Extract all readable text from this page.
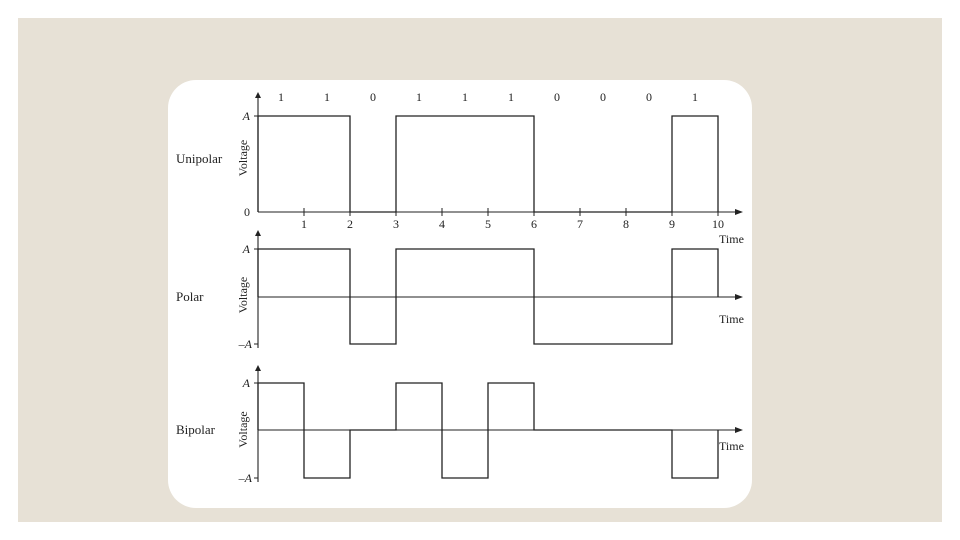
1	1	0	1	1	1	0	0	0	1
Unipolar Voltage
Time
A
0
1	2	3	4	5	6	7	8	9	10
Polar	Voltage
Time
A
–A
Bipolar Voltage	Time
A
–A
